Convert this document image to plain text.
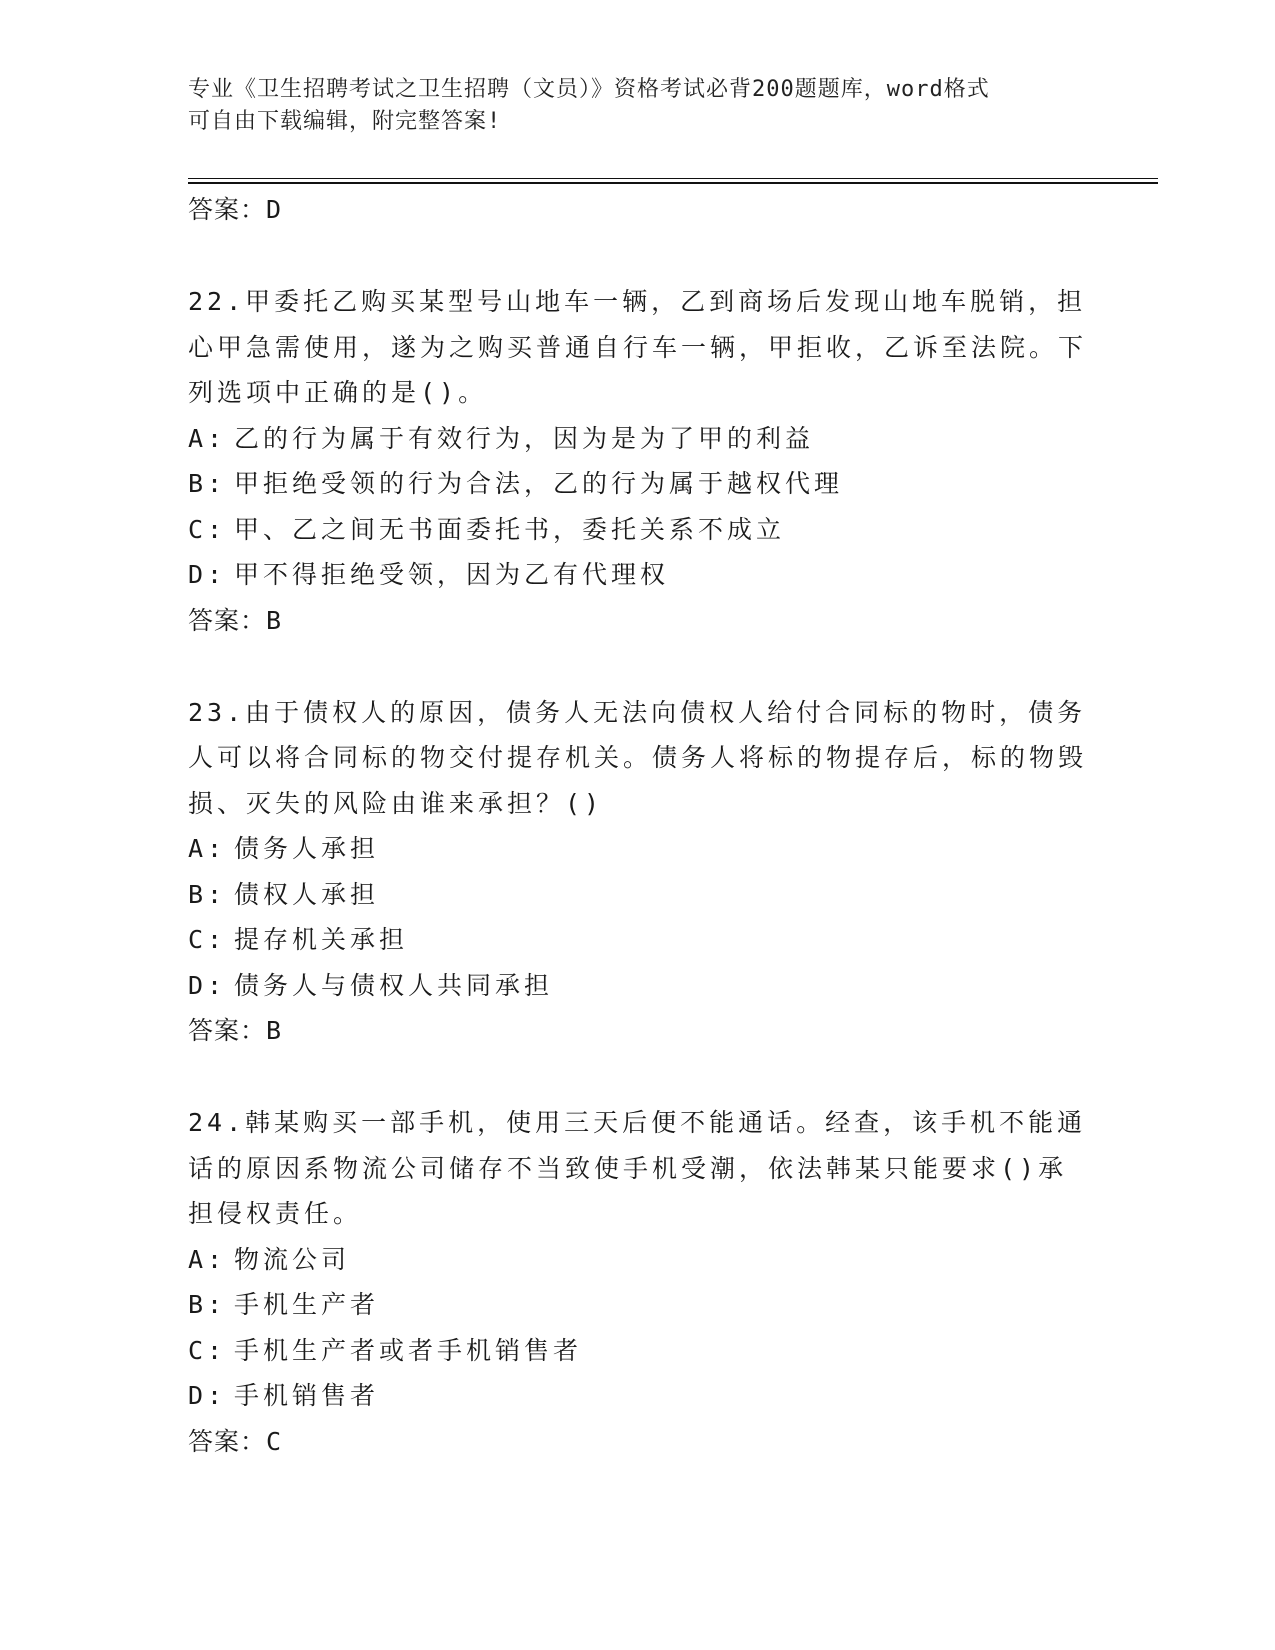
专业《卫生招聘考试之卫生招聘（文员）》资格考试必背200题题库，word格式
可自由下载编辑，附完整答案!
答案：D

22.甲委托乙购买某型号山地车一辆，乙到商场后发现山地车脱销，担心甲急需使用，遂为之购买普通自行车一辆，甲拒收，乙诉至法院。下列选项中正确的是()。

A: 乙的行为属于有效行为，因为是为了甲的利益
B: 甲拒绝受领的行为合法，乙的行为属于越权代理
C: 甲、乙之间无书面委托书，委托关系不成立
D: 甲不得拒绝受领，因为乙有代理权
答案：B

23.由于债权人的原因，债务人无法向债权人给付合同标的物时，债务人可以将合同标的物交付提存机关。债务人将标的物提存后，标的物毁损、灭失的风险由谁来承担？()

A: 债务人承担
B: 债权人承担
C: 提存机关承担
D: 债务人与债权人共同承担
答案：B

24.韩某购买一部手机，使用三天后便不能通话。经查，该手机不能通话的原因系物流公司储存不当致使手机受潮，依法韩某只能要求()承担侵权责任。

A: 物流公司
B: 手机生产者
C: 手机生产者或者手机销售者
D: 手机销售者
答案：C
